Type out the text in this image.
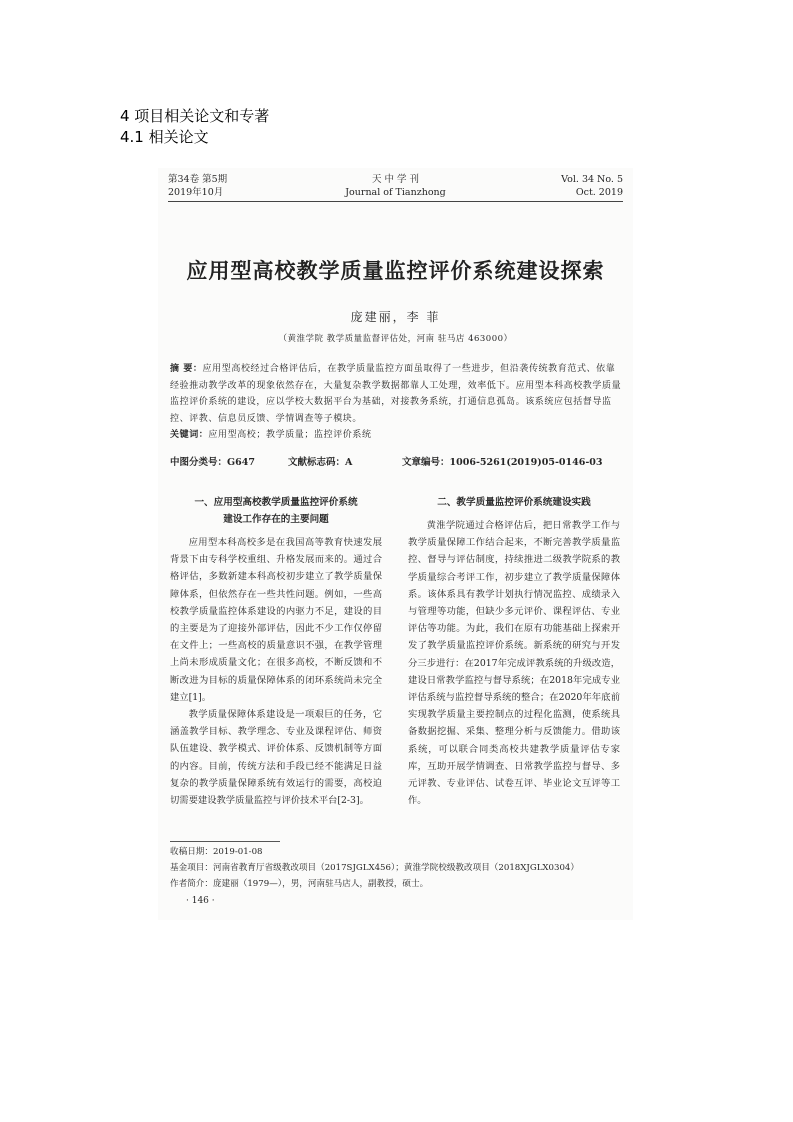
4 项目相关论文和专著
4.1 相关论文
第34卷 第5期
2019年10月
天 中 学 刊
Journal of Tianzhong
Vol. 34 No. 5
Oct. 2019
应用型高校教学质量监控评价系统建设探索
庞建丽，李 菲
（黄淮学院 教学质量监督评估处，河南 驻马店 463000）
摘 要：应用型高校经过合格评估后，在教学质量监控方面虽取得了一些进步，但沿袭传统教育范式、依靠经验推动教学改革的现象依然存在，大量复杂教学数据都靠人工处理，效率低下。应用型本科高校教学质量监控评价系统的建设，应以学校大数据平台为基础，对接教务系统，打通信息孤岛。该系统应包括督导监控、评教、信息员反馈、学情调查等子模块。
关键词：应用型高校；教学质量；监控评价系统
中图分类号：G647	文献标志码：A	文章编号：1006-5261(2019)05-0146-03
一、应用型高校教学质量监控评价系统
建设工作存在的主要问题

应用型本科高校多是在我国高等教育快速发展背景下由专科学校重组、升格发展而来的。通过合格评估，多数新建本科高校初步建立了教学质量保障体系，但依然存在一些共性问题。例如，一些高校教学质量监控体系建设的内驱力不足，建设的目的主要是为了迎接外部评估，因此不少工作仅停留在文件上；一些高校的质量意识不强，在教学管理上尚未形成质量文化；在很多高校，不断反馈和不断改进为目标的质量保障体系的闭环系统尚未完全建立[1]。

教学质量保障体系建设是一项艰巨的任务，它涵盖教学目标、教学理念、专业及课程评估、师资队伍建设、教学模式、评价体系、反馈机制等方面的内容。目前，传统方法和手段已经不能满足日益复杂的教学质量保障系统有效运行的需要，高校迫切需要建设教学质量监控与评价技术平台[2-3]。

二、教学质量监控评价系统建设实践

黄淮学院通过合格评估后，把日常教学工作与教学质量保障工作结合起来，不断完善教学质量监控、督导与评估制度，持续推进二级教学院系的教学质量综合考评工作，初步建立了教学质量保障体系。该体系具有教学计划执行情况监控、成绩录入与管理等功能，但缺少多元评价、课程评估、专业评估等功能。为此，我们在原有功能基础上探索开发了教学质量监控评价系统。新系统的研究与开发分三步进行：在2017年完成评教系统的升级改造，建设日常教学监控与督导系统；在2018年完成专业评估系统与监控督导系统的整合；在2020年年底前实现教学质量主要控制点的过程化监测，使系统具备数据挖掘、采集、整理分析与反馈能力。借助该系统，可以联合同类高校共建教学质量评估专家库，互助开展学情调查、日常教学监控与督导、多元评教、专业评估、试卷互评、毕业论文互评等工作。

收稿日期：2019-01-08
基金项目：河南省教育厅省级教改项目（2017SJGLX456）；黄淮学院校级教改项目（2018XJGLX0304）
作者简介：庞建丽（1979—），男，河南驻马店人，副教授，硕士。
· 146 ·
